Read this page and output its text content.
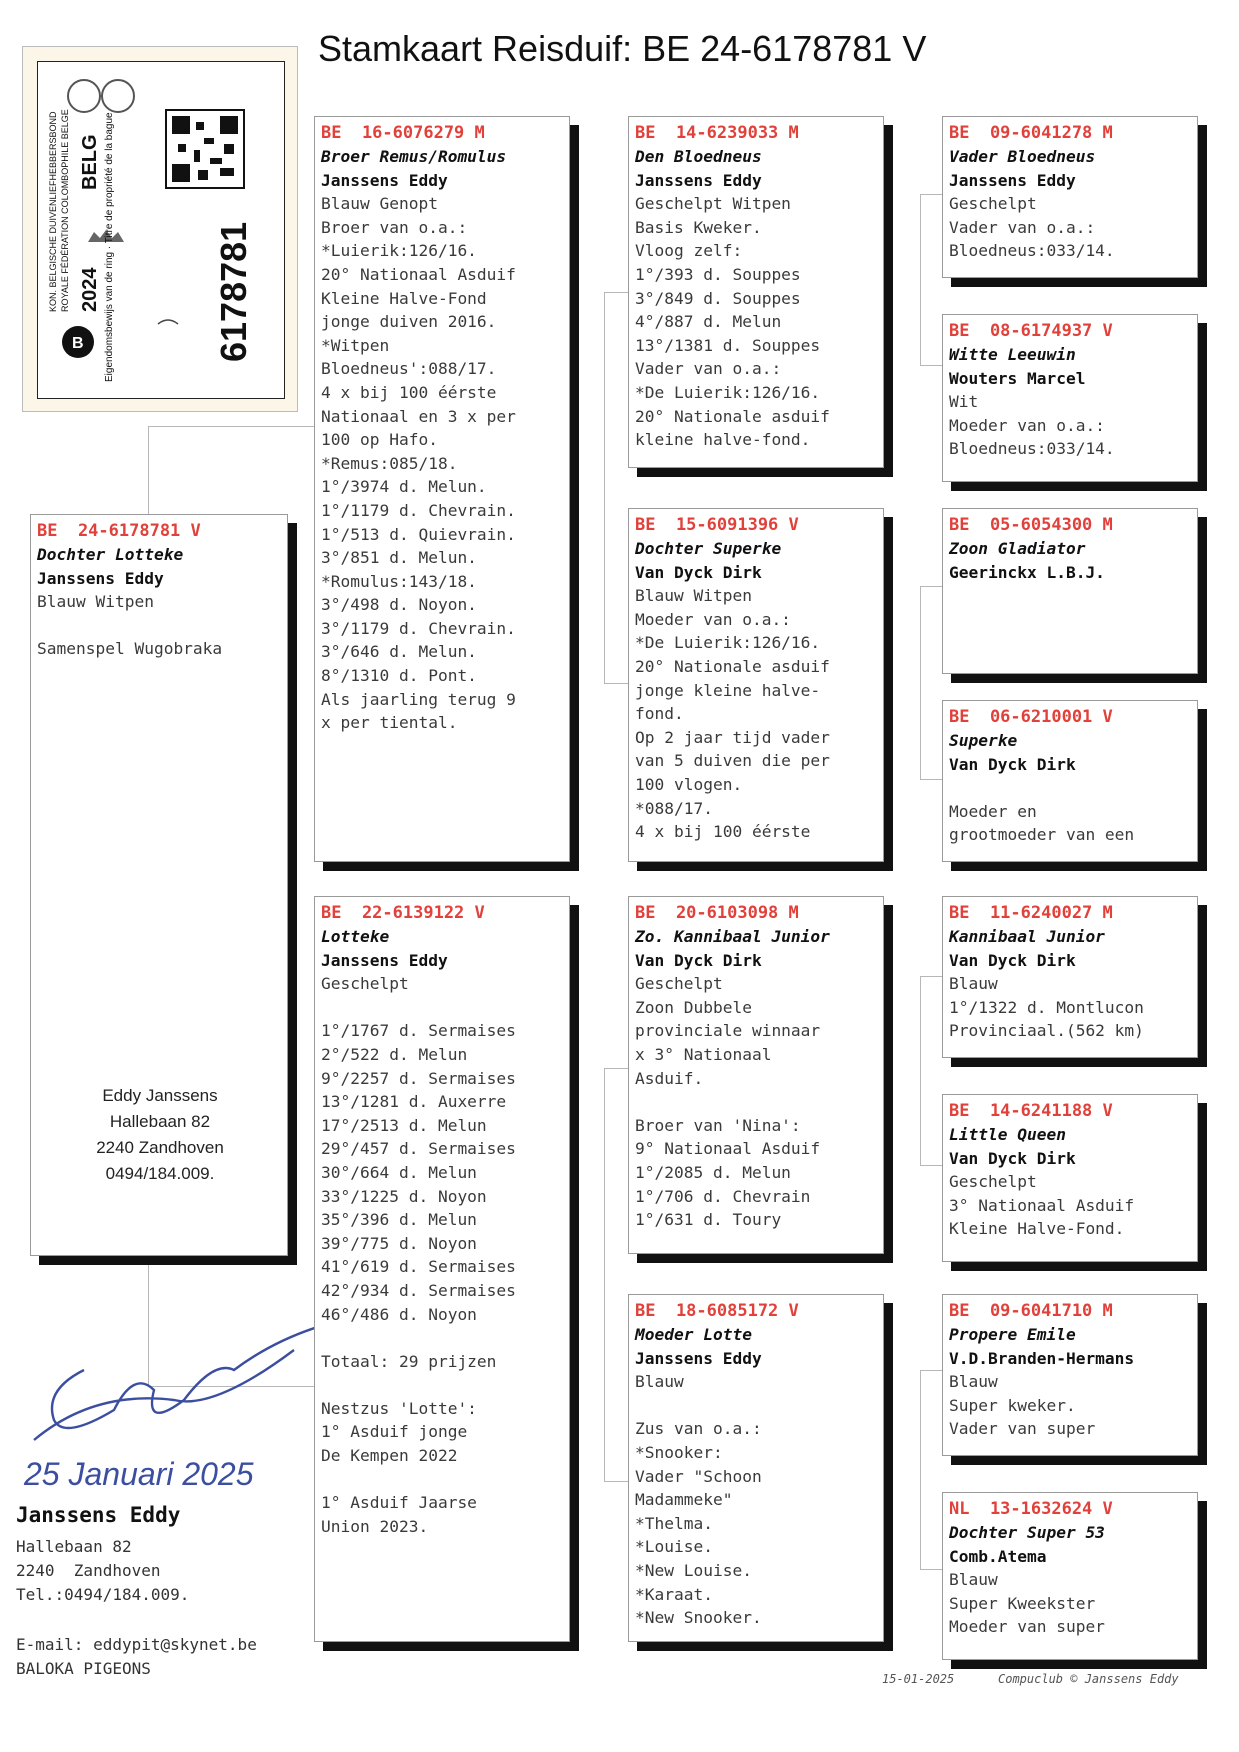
Stamkaart Reisduif: BE 24-6178781 V
B
KON. BELGISCHE DUIVENLIEFHEBBERSBOND ROYALE FÉDÉRATION COLOMBOPHILE BELGE 2024
BELG Eigendomsbewijs van de ring · Titre de propriété de la bague	6178781
BE  24-6178781 V
Dochter Lotteke
Janssens Eddy
Blauw Witpen

Samenspel Wugobraka
Eddy Janssens
Hallebaan 82
2240 Zandhoven
0494/184.009.
BE  16-6076279 M
Broer Remus/Romulus
Janssens Eddy
Blauw Genopt
Broer van o.a.:
*Luierik:126/16.
20° Nationaal Asduif
Kleine Halve-Fond
jonge duiven 2016.
*Witpen
Bloedneus':088/17.
4 x bij 100 éérste
Nationaal en 3 x per
100 op Hafo.
*Remus:085/18.
1°/3974 d. Melun.
1°/1179 d. Chevrain.
1°/513 d. Quievrain.
3°/851 d. Melun.
*Romulus:143/18.
3°/498 d. Noyon.
3°/1179 d. Chevrain.
3°/646 d. Melun.
8°/1310 d. Pont.
Als jaarling terug 9
x per tiental.
BE  22-6139122 V
Lotteke
Janssens Eddy
Geschelpt

1°/1767 d. Sermaises
2°/522 d. Melun
9°/2257 d. Sermaises
13°/1281 d. Auxerre
17°/2513 d. Melun
29°/457 d. Sermaises
30°/664 d. Melun
33°/1225 d. Noyon
35°/396 d. Melun
39°/775 d. Noyon
41°/619 d. Sermaises
42°/934 d. Sermaises
46°/486 d. Noyon

Totaal: 29 prijzen

Nestzus 'Lotte':
1° Asduif jonge
De Kempen 2022

1° Asduif Jaarse
Union 2023.
BE  14-6239033 M
Den Bloedneus
Janssens Eddy
Geschelpt Witpen
Basis Kweker.
Vloog zelf:
1°/393 d. Souppes
3°/849 d. Souppes
4°/887 d. Melun
13°/1381 d. Souppes
Vader van o.a.:
*De Luierik:126/16.
20° Nationale asduif
kleine halve-fond.
BE  15-6091396 V
Dochter Superke
Van Dyck Dirk
Blauw Witpen
Moeder van o.a.:
*De Luierik:126/16.
20° Nationale asduif
jonge kleine halve-
fond.
Op 2 jaar tijd vader
van 5 duiven die per
100 vlogen.
*088/17.
4 x bij 100 éérste
BE  20-6103098 M
Zo. Kannibaal Junior
Van Dyck Dirk
Geschelpt
Zoon Dubbele
provinciale winnaar
x 3° Nationaal
Asduif.

Broer van 'Nina':
9° Nationaal Asduif
1°/2085 d. Melun
1°/706 d. Chevrain
1°/631 d. Toury
BE  18-6085172 V
Moeder Lotte
Janssens Eddy
Blauw

Zus van o.a.:
*Snooker:
Vader "Schoon
Madammeke"
*Thelma.
*Louise.
*New Louise.
*Karaat.
*New Snooker.
BE  09-6041278 M
Vader Bloedneus
Janssens Eddy
Geschelpt
Vader van o.a.:
Bloedneus:033/14.
BE  08-6174937 V
Witte Leeuwin
Wouters Marcel
Wit
Moeder van o.a.:
Bloedneus:033/14.
BE  05-6054300 M
Zoon Gladiator
Geerinckx L.B.J.
BE  06-6210001 V
Superke
Van Dyck Dirk

Moeder en
grootmoeder van een
BE  11-6240027 M
Kannibaal Junior
Van Dyck Dirk
Blauw
1°/1322 d. Montlucon
Provinciaal.(562 km)
BE  14-6241188 V
Little Queen
Van Dyck Dirk
Geschelpt
3° Nationaal Asduif
Kleine Halve-Fond.
BE  09-6041710 M
Propere Emile
V.D.Branden-Hermans
Blauw
Super kweker.
Vader van super
NL  13-1632624 V
Dochter Super 53
Comb.Atema
Blauw
Super Kweekster
Moeder van super
25 Januari 2025
Janssens Eddy
Hallebaan 82
2240  Zandhoven
Tel.:0494/184.009.
E-mail: eddypit@skynet.be
BALOKA PIGEONS
15-01-2025	Compuclub © Janssens Eddy
